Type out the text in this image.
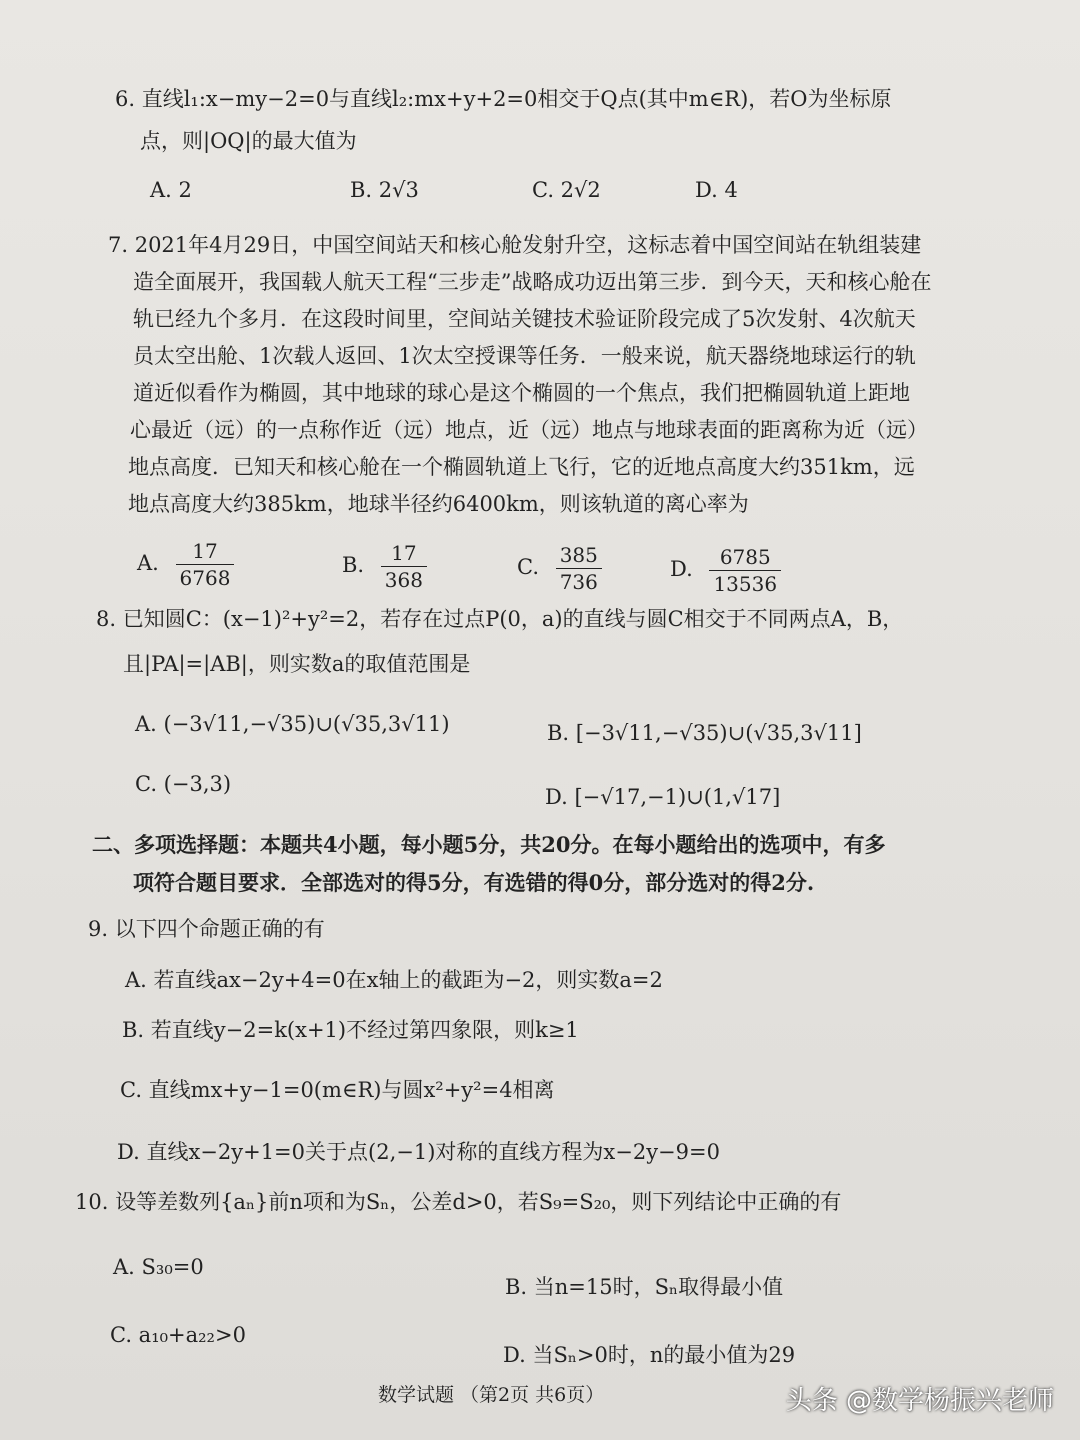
6. 直线l₁:x−my−2=0与直线l₂:mx+y+2=0相交于Q点(其中m∈R)，若O为坐标原
点，则|OQ|的最大值为
A. 2	B. 2√3	C. 2√2	D. 4
7. 2021年4月29日，中国空间站天和核心舱发射升空，这标志着中国空间站在轨组装建
造全面展开，我国载人航天工程“三步走”战略成功迈出第三步．到今天，天和核心舱在
轨已经九个多月．在这段时间里，空间站关键技术验证阶段完成了5次发射、4次航天
员太空出舱、1次载人返回、1次太空授课等任务．一般来说，航天器绕地球运行的轨
道近似看作为椭圆，其中地球的球心是这个椭圆的一个焦点，我们把椭圆轨道上距地
心最近（远）的一点称作近（远）地点，近（远）地点与地球表面的距离称为近（远）
地点高度．已知天和核心舱在一个椭圆轨道上飞行，它的近地点高度大约351km，远
地点高度大约385km，地球半径约6400km，则该轨道的离心率为
A. $\frac{17}{6768}$	B. $\frac{17}{368}$	C. $\frac{385}{736}$	D. $\frac{6785}{13536}$
8. 已知圆C：(x−1)²+y²=2，若存在过点P(0，a)的直线与圆C相交于不同两点A，B，
且|PA|=|AB|，则实数a的取值范围是
A. (−3√11,−√35)∪(√35,3√11)	B. [−3√11,−√35)∪(√35,3√11]
C. (−3,3)
D. [−√17,−1)∪(1,√17]
二、多项选择题：本题共4小题，每小题5分，共20分。在每小题给出的选项中，有多
项符合题目要求．全部选对的得5分，有选错的得0分，部分选对的得2分.
9. 以下四个命题正确的有
A. 若直线ax−2y+4=0在x轴上的截距为−2，则实数a=2
B. 若直线y−2=k(x+1)不经过第四象限，则k≥1
C. 直线mx+y−1=0(m∈R)与圆x²+y²=4相离
D. 直线x−2y+1=0关于点(2,−1)对称的直线方程为x−2y−9=0
10. 设等差数列{aₙ}前n项和为Sₙ，公差d>0，若S₉=S₂₀，则下列结论中正确的有
A. S₃₀=0
B. 当n=15时，Sₙ取得最小值
C. a₁₀+a₂₂>0
D. 当Sₙ>0时，n的最小值为29
数学试题 （第2页 共6页）	头条 @数学杨振兴老师
